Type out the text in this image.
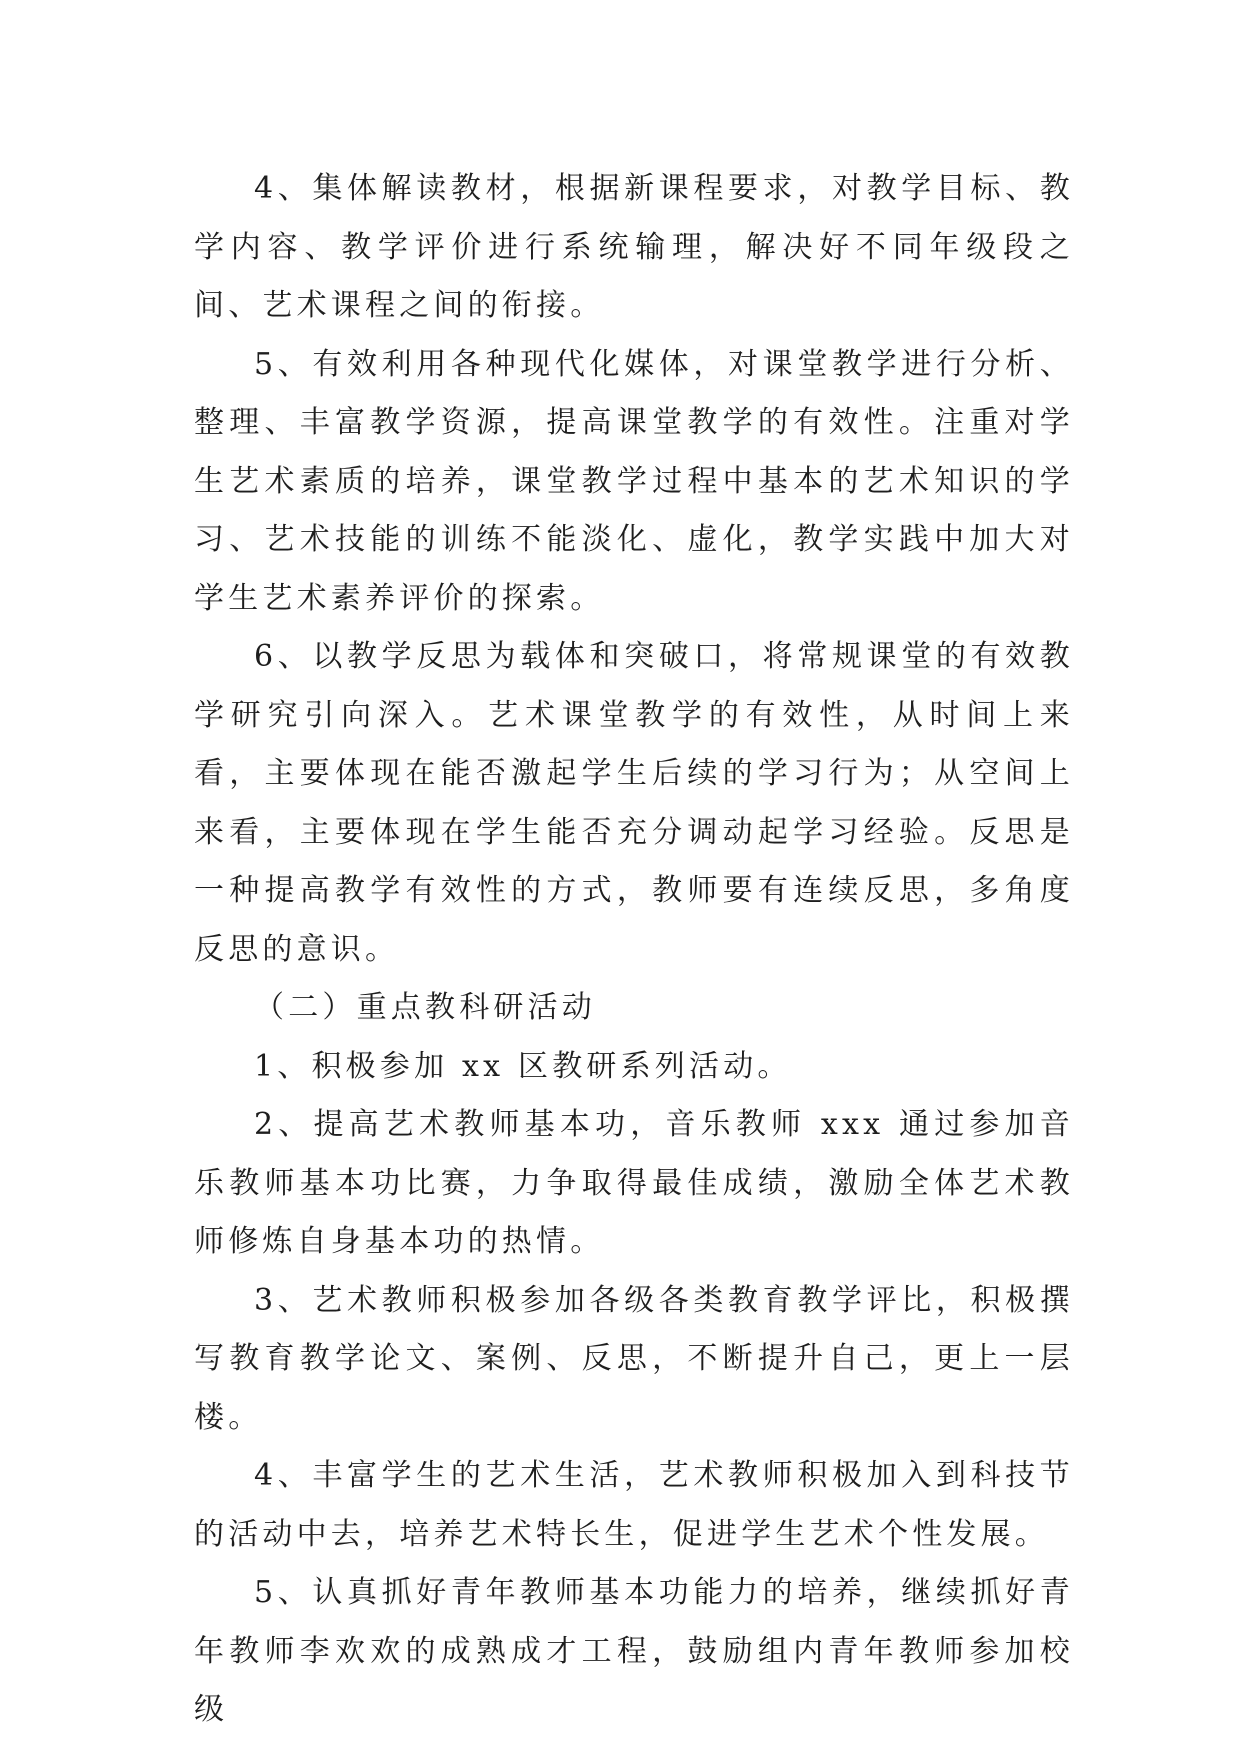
4、集体解读教材，根据新课程要求，对教学目标、教学内容、教学评价进行系统输理，解决好不同年级段之间、艺术课程之间的衔接。

5、有效利用各种现代化媒体，对课堂教学进行分析、整理、丰富教学资源，提高课堂教学的有效性。注重对学生艺术素质的培养，课堂教学过程中基本的艺术知识的学习、艺术技能的训练不能淡化、虚化，教学实践中加大对学生艺术素养评价的探索。

6、以教学反思为载体和突破口，将常规课堂的有效教学研究引向深入。艺术课堂教学的有效性，从时间上来看，主要体现在能否激起学生后续的学习行为；从空间上来看，主要体现在学生能否充分调动起学习经验。反思是一种提高教学有效性的方式，教师要有连续反思，多角度反思的意识。

（二）重点教科研活动

1、积极参加 xx 区教研系列活动。

2、提高艺术教师基本功，音乐教师 xxx 通过参加音乐教师基本功比赛，力争取得最佳成绩，激励全体艺术教师修炼自身基本功的热情。

3、艺术教师积极参加各级各类教育教学评比，积极撰写教育教学论文、案例、反思，不断提升自己，更上一层楼。

4、丰富学生的艺术生活，艺术教师积极加入到科技节的活动中去，培养艺术特长生，促进学生艺术个性发展。

5、认真抓好青年教师基本功能力的培养，继续抓好青年教师李欢欢的成熟成才工程，鼓励组内青年教师参加校级
